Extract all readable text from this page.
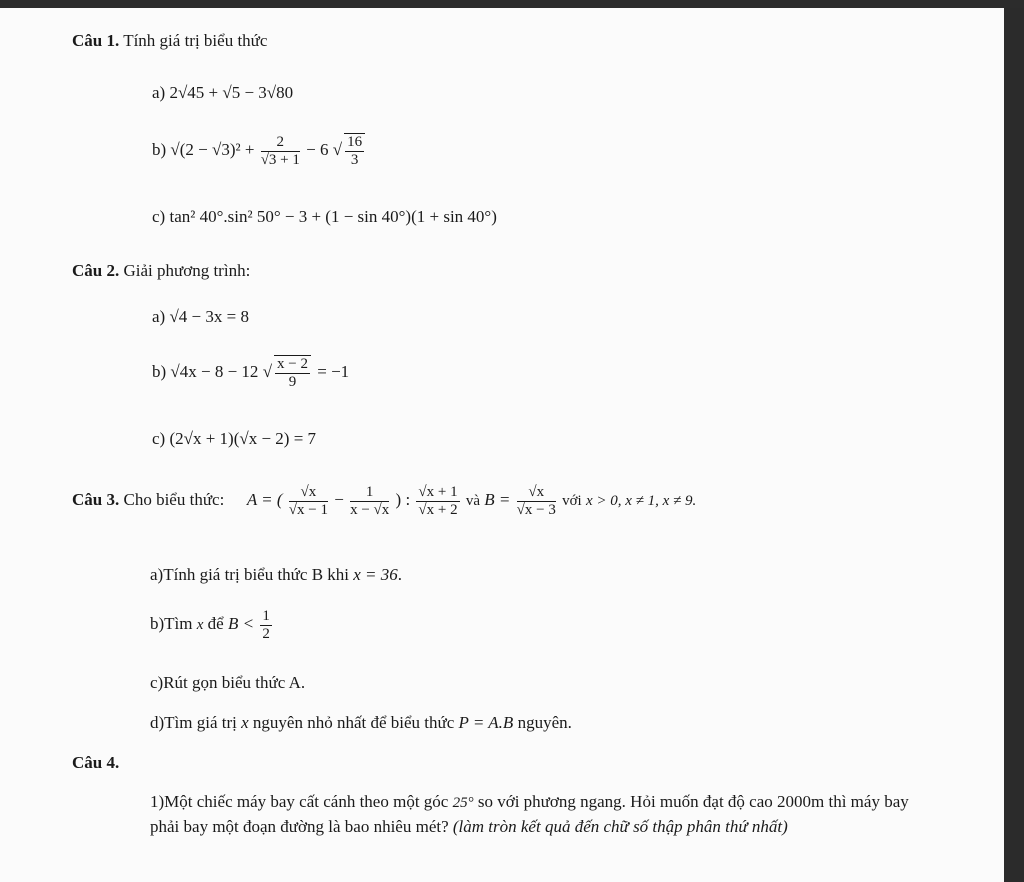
Câu 1. Tính giá trị biểu thức
a) 2√45 + √5 − 3√80
b) $√(2 - √3)^2 + \frac{2}{√3 + 1} - 6$ √ $\frac{16}{3}$
c) tan² 40°.sin² 50° − 3 + (1 − sin 40°)(1 + sin 40°)
Câu 2. Giải phương trình:
a) √4 − 3x = 8
b) √4x − 8 − 12 √ $\frac{x - 2}{9} = -1$
c) (2√x + 1)(√x − 2) = 7
Câu 3. Cho biểu thức: A = ( $\frac{√x}{√x - 1} - \frac{1}{x - √x}$ ) : $\frac{√x + 1}{√x + 2}$ và $B = \frac{√x}{√x - 3}$ với x > 0, x ≠ 1, x ≠ 9.
a)Tính giá trị biểu thức B khi x = 36.
b)Tìm x để $B < \frac{1}{2}$
c)Rút gọn biểu thức A.
d)Tìm giá trị x nguyên nhỏ nhất để biểu thức P = A.B nguyên.
Câu 4.
1)Một chiếc máy bay cất cánh theo một góc 25° so với phương ngang. Hỏi muốn đạt độ cao 2000m thì máy bay phải bay một đoạn đường là bao nhiêu mét? (làm tròn kết quả đến chữ số thập phân thứ nhất)
